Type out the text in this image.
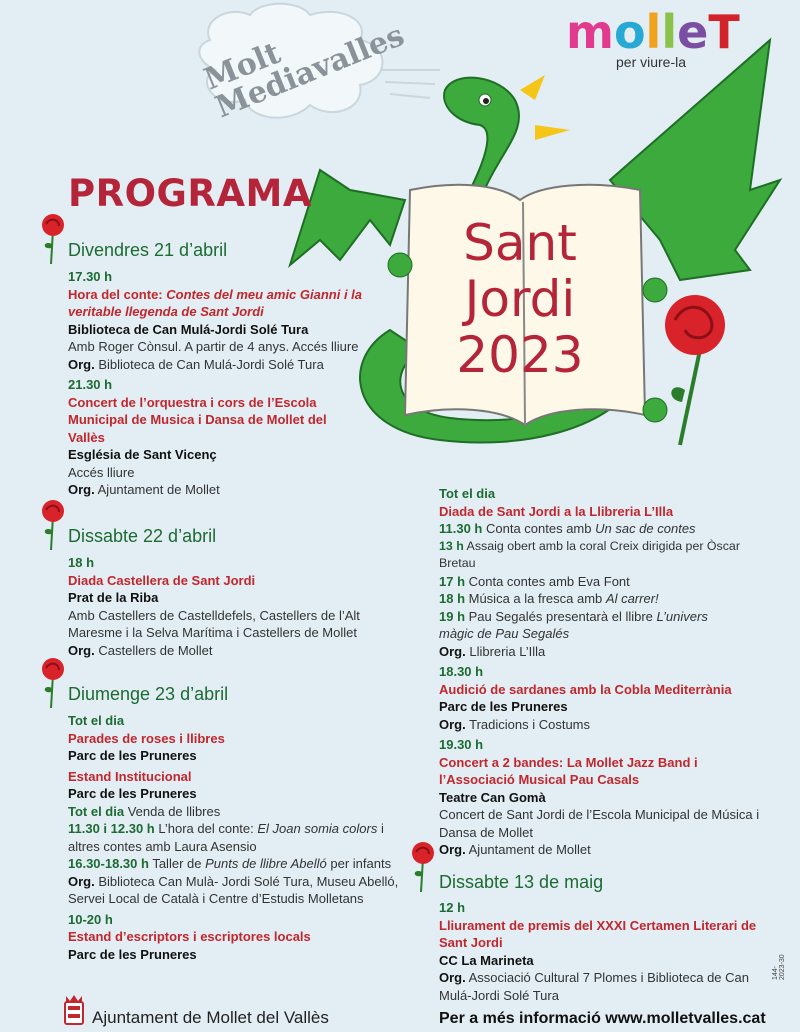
Molt Mediavalles	molleT
per viure-la
Sant
Jordi
2023
PROGRAMA
Divendres 21 d’abril
17.30 h
Hora del conte: Contes del meu amic Gianni i la veritable llegenda de Sant Jordi
Biblioteca de Can Mulá-Jordi Solé Tura
Amb Roger Cònsul. A partir de 4 anys. Accés lliure
Org. Biblioteca de Can Mulá-Jordi Solé Tura
21.30 h
Concert de l’orquestra i cors de l’Escola Municipal de Musica i Dansa de Mollet del Vallès
Església de Sant Vicenç
Accés lliure
Org. Ajuntament de Mollet
Dissabte 22 d’abril
18 h
Diada Castellera de Sant Jordi
Prat de la Riba
Amb Castellers de Castelldefels, Castellers de l’Alt Maresme i la Selva Marítima i Castellers de Mollet
Org. Castellers de Mollet
Diumenge 23 d’abril
Tot el dia
Parades de roses i llibres
Parc de les Pruneres
Estand Institucional
Parc de les Pruneres
Tot el dia Venda de llibres
11.30 i 12.30 h L’hora del conte: El Joan somia colors i altres contes amb Laura Asensio
16.30-18.30 h Taller de Punts de llibre Abelló per infants
Org. Biblioteca Can Mulà- Jordi Solé Tura, Museu Abelló, Servei Local de Català i Centre d’Estudis Molletans
10-20 h
Estand d’escriptors i escriptores locals
Parc de les Pruneres
Tot el dia
Diada de Sant Jordi a la Llibreria L’Illa
11.30 h Conta contes amb Un sac de contes
13 h Assaig obert amb la coral Creix dirigida per Òscar Bretau
17 h Conta contes amb Eva Font
18 h Música a la fresca amb Al carrer!
19 h Pau Segalés presentarà el llibre L’univers màgic de Pau Segalés
Org. Llibreria L’Illa
18.30 h
Audició de sardanes amb la Cobla Mediterrània
Parc de les Pruneres
Org. Tradicions i Costums
19.30 h
Concert a 2 bandes: La Mollet Jazz Band i l’Associació Musical Pau Casals
Teatre Can Gomà
Concert de Sant Jordi de l’Escola Municipal de Música i Dansa de Mollet
Org. Ajuntament de Mollet
Dissabte 13 de maig
12 h
Lliurament de premis del XXXI Certamen Literari de Sant Jordi
CC La Marineta
Org. Associació Cultural 7 Plomes i Biblioteca de Can Mulá-Jordi Solé Tura
Ajuntament de Mollet del Vallès	Per a més informació www.molletvalles.cat
144-2023-30
